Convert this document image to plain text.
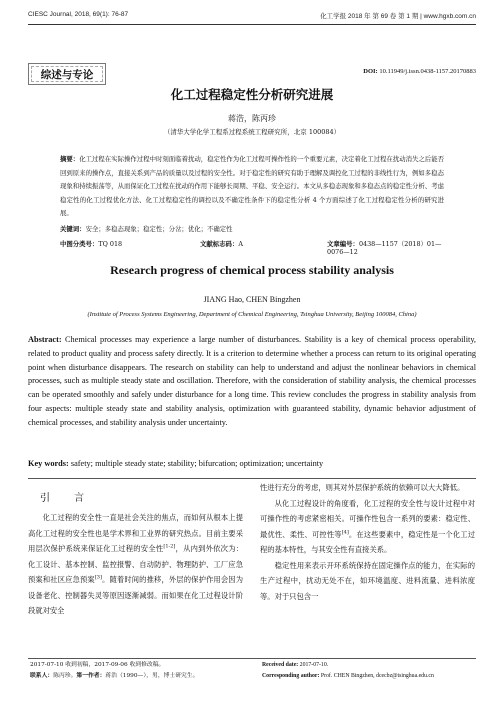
CIESC Journal, 2018, 69(1): 76-87	化工学报 2018 年 第 69 卷 第 1 期 | www.hgxb.com.cn
综述与专论	DOI: 10.11949/j.issn.0438-1157.20170883
化工过程稳定性分析研究进展
蒋浩，陈丙珍
（清华大学化学工程系过程系统工程研究所，北京 100084）
摘要：化工过程在实际操作过程中时刻面临着扰动，稳定性作为化工过程可操作性的一个重要元素，决定着化工过程在扰动消失之后能否回到原来的操作点，直接关系到产品的质量以及过程的安全性。对于稳定性的研究有助于理解及调控化工过程的非线性行为，例如多稳态现象和持续振荡等，从而保证化工过程在扰动的作用下能够长周期、平稳、安全运行。本文从多稳态现象和多稳态点的稳定性分析、考虑稳定性的化工过程优化方法、化工过程稳定性的调控以及不确定性条件下的稳定性分析 4 个方面综述了化工过程稳定性分析的研究进展。
关键词：安全；多稳态现象；稳定性；分岔；优化；不确定性
中图分类号：TQ 018	文献标志码：A	文章编号：0438—1157（2018）01—0076—12
Research progress of chemical process stability analysis
JIANG Hao, CHEN Bingzhen
(Institute of Process Systems Engineering, Department of Chemical Engineering, Tsinghua University, Beijing 100084, China)
Abstract: Chemical processes may experience a large number of disturbances. Stability is a key of chemical process operability, related to product quality and process safety directly. It is a criterion to determine whether a process can return to its original operating point when disturbance disappears. The research on stability can help to understand and adjust the nonlinear behaviors in chemical processes, such as multiple steady state and oscillation. Therefore, with the consideration of stability analysis, the chemical processes can be operated smoothly and safely under disturbance for a long time. This review concludes the progress in stability analysis from four aspects: multiple steady state and stability analysis, optimization with guaranteed stability, dynamic behavior adjustment of chemical processes, and stability analysis under uncertainty.
Key words: safety; multiple steady state; stability; bifurcation; optimization; uncertainty
引言

化工过程的安全性一直是社会关注的焦点，而如何从根本上提高化工过程的安全性也是学术界和工业界的研究热点。目前主要采用层次保护系统来保证化工过程的安全性[1-2]，从内到外依次为：化工设计、基本控制、监控报警、自动防护、物理防护、工厂应急预案和社区应急预案[3]。随着时间的推移，外层的保护作用会因为设备老化、控制器失灵等原因逐渐减弱。而如果在化工过程设计阶段就对安全

性进行充分的考虑，则其对外层保护系统的依赖可以大大降低。

从化工过程设计的角度看，化工过程的安全性与设计过程中对可操作性的考虑紧密相关。可操作性包含一系列的要素：稳定性、最优性、柔性、可控性等[4]。在这些要素中，稳定性是一个化工过程的基本特性，与其安全性有直接关系。

稳定性用来表示开环系统保持在固定操作点的能力，在实际的生产过程中，扰动无处不在，如环境温度、进料流量、进料浓度等。对于只包含一

2017-07-10 收到初稿，2017-09-06 收到修改稿。
联系人：陈丙珍。第一作者：蒋浩（1990—），男，博士研究生。
Received date: 2017-07-10.
Corresponding author: Prof. CHEN Bingzhen, dcecbz@tsinghua.edu.cn
